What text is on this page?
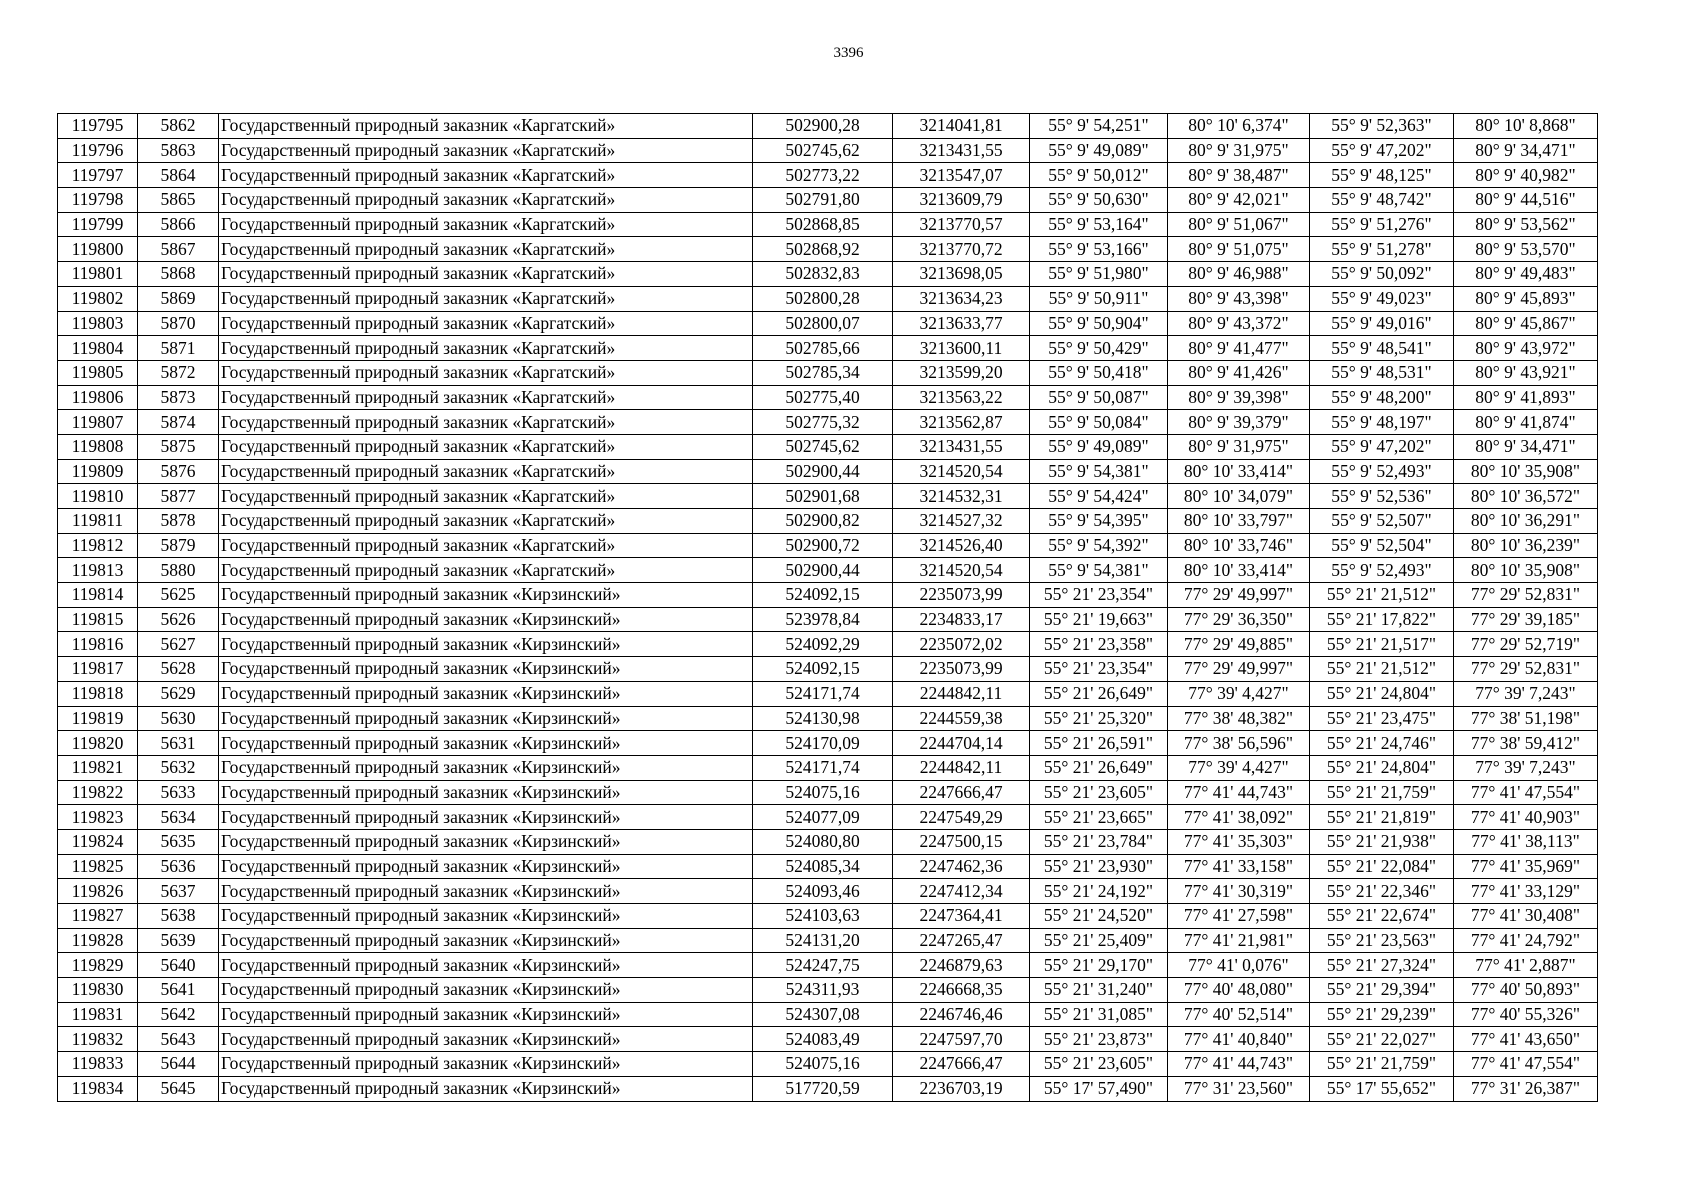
3396
119795	5862	Государственный природный заказник «Каргатский»	502900,28	3214041,81	55° 9' 54,251"	80° 10' 6,374"	55° 9' 52,363"	80° 10' 8,868"
119796	5863	Государственный природный заказник «Каргатский»	502745,62	3213431,55	55° 9' 49,089"	80° 9' 31,975"	55° 9' 47,202"	80° 9' 34,471"
119797	5864	Государственный природный заказник «Каргатский»	502773,22	3213547,07	55° 9' 50,012"	80° 9' 38,487"	55° 9' 48,125"	80° 9' 40,982"
119798	5865	Государственный природный заказник «Каргатский»	502791,80	3213609,79	55° 9' 50,630"	80° 9' 42,021"	55° 9' 48,742"	80° 9' 44,516"
119799	5866	Государственный природный заказник «Каргатский»	502868,85	3213770,57	55° 9' 53,164"	80° 9' 51,067"	55° 9' 51,276"	80° 9' 53,562"
119800	5867	Государственный природный заказник «Каргатский»	502868,92	3213770,72	55° 9' 53,166"	80° 9' 51,075"	55° 9' 51,278"	80° 9' 53,570"
119801	5868	Государственный природный заказник «Каргатский»	502832,83	3213698,05	55° 9' 51,980"	80° 9' 46,988"	55° 9' 50,092"	80° 9' 49,483"
119802	5869	Государственный природный заказник «Каргатский»	502800,28	3213634,23	55° 9' 50,911"	80° 9' 43,398"	55° 9' 49,023"	80° 9' 45,893"
119803	5870	Государственный природный заказник «Каргатский»	502800,07	3213633,77	55° 9' 50,904"	80° 9' 43,372"	55° 9' 49,016"	80° 9' 45,867"
119804	5871	Государственный природный заказник «Каргатский»	502785,66	3213600,11	55° 9' 50,429"	80° 9' 41,477"	55° 9' 48,541"	80° 9' 43,972"
119805	5872	Государственный природный заказник «Каргатский»	502785,34	3213599,20	55° 9' 50,418"	80° 9' 41,426"	55° 9' 48,531"	80° 9' 43,921"
119806	5873	Государственный природный заказник «Каргатский»	502775,40	3213563,22	55° 9' 50,087"	80° 9' 39,398"	55° 9' 48,200"	80° 9' 41,893"
119807	5874	Государственный природный заказник «Каргатский»	502775,32	3213562,87	55° 9' 50,084"	80° 9' 39,379"	55° 9' 48,197"	80° 9' 41,874"
119808	5875	Государственный природный заказник «Каргатский»	502745,62	3213431,55	55° 9' 49,089"	80° 9' 31,975"	55° 9' 47,202"	80° 9' 34,471"
119809	5876	Государственный природный заказник «Каргатский»	502900,44	3214520,54	55° 9' 54,381"	80° 10' 33,414"	55° 9' 52,493"	80° 10' 35,908"
119810	5877	Государственный природный заказник «Каргатский»	502901,68	3214532,31	55° 9' 54,424"	80° 10' 34,079"	55° 9' 52,536"	80° 10' 36,572"
119811	5878	Государственный природный заказник «Каргатский»	502900,82	3214527,32	55° 9' 54,395"	80° 10' 33,797"	55° 9' 52,507"	80° 10' 36,291"
119812	5879	Государственный природный заказник «Каргатский»	502900,72	3214526,40	55° 9' 54,392"	80° 10' 33,746"	55° 9' 52,504"	80° 10' 36,239"
119813	5880	Государственный природный заказник «Каргатский»	502900,44	3214520,54	55° 9' 54,381"	80° 10' 33,414"	55° 9' 52,493"	80° 10' 35,908"
119814	5625	Государственный природный заказник «Кирзинский»	524092,15	2235073,99	55° 21' 23,354"	77° 29' 49,997"	55° 21' 21,512"	77° 29' 52,831"
119815	5626	Государственный природный заказник «Кирзинский»	523978,84	2234833,17	55° 21' 19,663"	77° 29' 36,350"	55° 21' 17,822"	77° 29' 39,185"
119816	5627	Государственный природный заказник «Кирзинский»	524092,29	2235072,02	55° 21' 23,358"	77° 29' 49,885"	55° 21' 21,517"	77° 29' 52,719"
119817	5628	Государственный природный заказник «Кирзинский»	524092,15	2235073,99	55° 21' 23,354"	77° 29' 49,997"	55° 21' 21,512"	77° 29' 52,831"
119818	5629	Государственный природный заказник «Кирзинский»	524171,74	2244842,11	55° 21' 26,649"	77° 39' 4,427"	55° 21' 24,804"	77° 39' 7,243"
119819	5630	Государственный природный заказник «Кирзинский»	524130,98	2244559,38	55° 21' 25,320"	77° 38' 48,382"	55° 21' 23,475"	77° 38' 51,198"
119820	5631	Государственный природный заказник «Кирзинский»	524170,09	2244704,14	55° 21' 26,591"	77° 38' 56,596"	55° 21' 24,746"	77° 38' 59,412"
119821	5632	Государственный природный заказник «Кирзинский»	524171,74	2244842,11	55° 21' 26,649"	77° 39' 4,427"	55° 21' 24,804"	77° 39' 7,243"
119822	5633	Государственный природный заказник «Кирзинский»	524075,16	2247666,47	55° 21' 23,605"	77° 41' 44,743"	55° 21' 21,759"	77° 41' 47,554"
119823	5634	Государственный природный заказник «Кирзинский»	524077,09	2247549,29	55° 21' 23,665"	77° 41' 38,092"	55° 21' 21,819"	77° 41' 40,903"
119824	5635	Государственный природный заказник «Кирзинский»	524080,80	2247500,15	55° 21' 23,784"	77° 41' 35,303"	55° 21' 21,938"	77° 41' 38,113"
119825	5636	Государственный природный заказник «Кирзинский»	524085,34	2247462,36	55° 21' 23,930"	77° 41' 33,158"	55° 21' 22,084"	77° 41' 35,969"
119826	5637	Государственный природный заказник «Кирзинский»	524093,46	2247412,34	55° 21' 24,192"	77° 41' 30,319"	55° 21' 22,346"	77° 41' 33,129"
119827	5638	Государственный природный заказник «Кирзинский»	524103,63	2247364,41	55° 21' 24,520"	77° 41' 27,598"	55° 21' 22,674"	77° 41' 30,408"
119828	5639	Государственный природный заказник «Кирзинский»	524131,20	2247265,47	55° 21' 25,409"	77° 41' 21,981"	55° 21' 23,563"	77° 41' 24,792"
119829	5640	Государственный природный заказник «Кирзинский»	524247,75	2246879,63	55° 21' 29,170"	77° 41' 0,076"	55° 21' 27,324"	77° 41' 2,887"
119830	5641	Государственный природный заказник «Кирзинский»	524311,93	2246668,35	55° 21' 31,240"	77° 40' 48,080"	55° 21' 29,394"	77° 40' 50,893"
119831	5642	Государственный природный заказник «Кирзинский»	524307,08	2246746,46	55° 21' 31,085"	77° 40' 52,514"	55° 21' 29,239"	77° 40' 55,326"
119832	5643	Государственный природный заказник «Кирзинский»	524083,49	2247597,70	55° 21' 23,873"	77° 41' 40,840"	55° 21' 22,027"	77° 41' 43,650"
119833	5644	Государственный природный заказник «Кирзинский»	524075,16	2247666,47	55° 21' 23,605"	77° 41' 44,743"	55° 21' 21,759"	77° 41' 47,554"
119834	5645	Государственный природный заказник «Кирзинский»	517720,59	2236703,19	55° 17' 57,490"	77° 31' 23,560"	55° 17' 55,652"	77° 31' 26,387"
